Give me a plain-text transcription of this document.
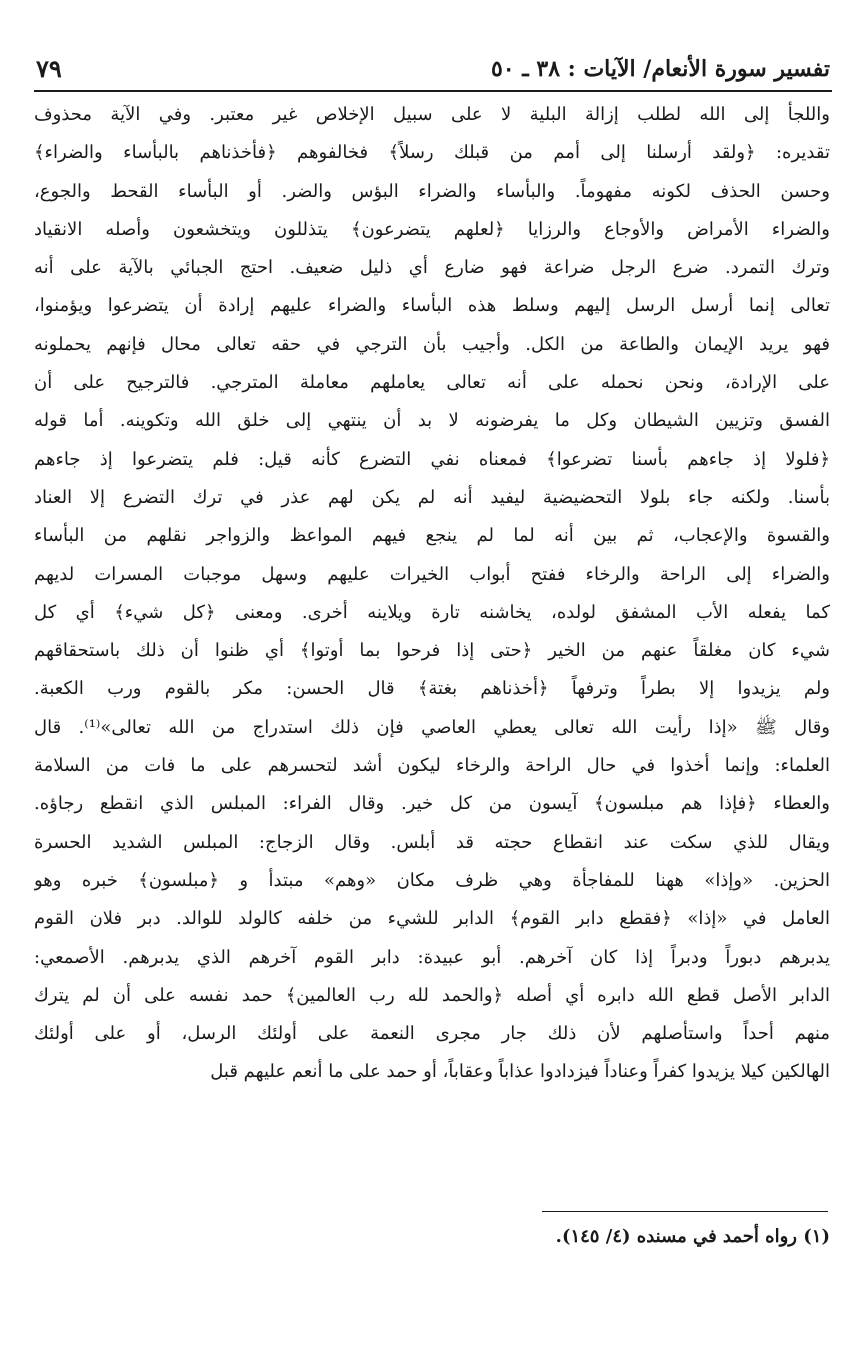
تفسير سورة الأنعام/ الآيات : ٣٨ ـ ٥٠
٧٩
واللجأ إلى الله لطلب إزالة البلية لا على سبيل الإخلاص غير معتبر. وفي الآية محذوف
تقديره: ﴿ولقد أرسلنا إلى أمم من قبلك رسلاً﴾ فخالفوهم ﴿فأخذناهم بالبأساء والضراء﴾
وحسن الحذف لكونه مفهوماً. والبأساء والضراء البؤس والضر. أو البأساء القحط والجوع،
والضراء الأمراض والأوجاع والرزايا ﴿لعلهم يتضرعون﴾ يتذللون ويتخشعون وأصله الانقياد
وترك التمرد. ضرع الرجل ضراعة فهو ضارع أي ذليل ضعيف. احتج الجبائي بالآية على أنه
تعالى إنما أرسل الرسل إليهم وسلط هذه البأساء والضراء عليهم إرادة أن يتضرعوا ويؤمنوا،
فهو يريد الإيمان والطاعة من الكل. وأجيب بأن الترجي في حقه تعالى محال فإنهم يحملونه
على الإرادة، ونحن نحمله على أنه تعالى يعاملهم معاملة المترجي. فالترجيح على أن
الفسق وتزيين الشيطان وكل ما يفرضونه لا بد أن ينتهي إلى خلق الله وتكوينه. أما قوله
﴿فلولا إذ جاءهم بأسنا تضرعوا﴾ فمعناه نفي التضرع كأنه قيل: فلم يتضرعوا إذ جاءهم
بأسنا. ولكنه جاء بلولا التحضيضية ليفيد أنه لم يكن لهم عذر في ترك التضرع إلا العناد
والقسوة والإعجاب، ثم بين أنه لما لم ينجع فيهم المواعظ والزواجر نقلهم من البأساء
والضراء إلى الراحة والرخاء ففتح أبواب الخيرات عليهم وسهل موجبات المسرات لديهم
كما يفعله الأب المشفق لولده، يخاشنه تارة ويلاينه أخرى. ومعنى ﴿كل شيء﴾ أي كل
شيء كان مغلقاً عنهم من الخير ﴿حتى إذا فرحوا بما أوتوا﴾ أي ظنوا أن ذلك باستحقاقهم
ولم يزيدوا إلا بطراً وترفهاً ﴿أخذناهم بغتة﴾ قال الحسن: مكر بالقوم ورب الكعبة.
وقال ﷺ «إذا رأيت الله تعالى يعطي العاصي فإن ذلك استدراج من الله تعالى»⁽¹⁾. قال
العلماء: وإنما أخذوا في حال الراحة والرخاء ليكون أشد لتحسرهم على ما فات من السلامة
والعطاء ﴿فإذا هم مبلسون﴾ آيسون من كل خير. وقال الفراء: المبلس الذي انقطع رجاؤه.
ويقال للذي سكت عند انقطاع حجته قد أبلس. وقال الزجاج: المبلس الشديد الحسرة
الحزين. «وإذا» ههنا للمفاجأة وهي ظرف مكان «وهم» مبتدأ و ﴿مبلسون﴾ خبره وهو
العامل في «إذا» ﴿فقطع دابر القوم﴾ الدابر للشيء من خلفه كالولد للوالد. دبر فلان القوم
يدبرهم دبوراً ودبراً إذا كان آخرهم. أبو عبيدة: دابر القوم آخرهم الذي يدبرهم. الأصمعي:
الدابر الأصل قطع الله دابره أي أصله ﴿والحمد لله رب العالمين﴾ حمد نفسه على أن لم يترك
منهم أحداً واستأصلهم لأن ذلك جار مجرى النعمة على أولئك الرسل، أو على أولئك
الهالكين كيلا يزيدوا كفراً وعناداً فيزدادوا عذاباً وعقاباً، أو حمد على ما أنعم عليهم قبل
(١) رواه أحمد في مسنده (٤/ ١٤٥).
